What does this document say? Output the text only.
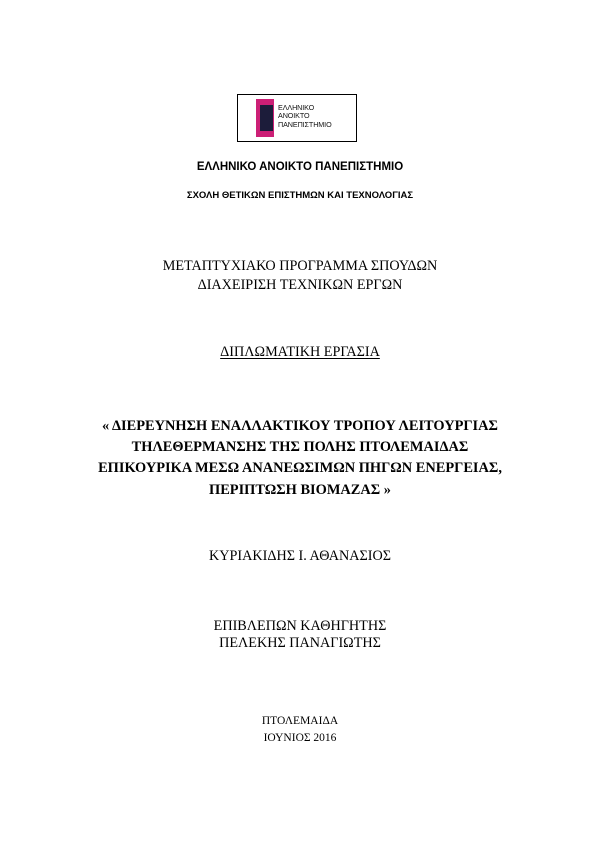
ΕΛΛΗΝΙΚΟ
ΑΝΟΙΚΤΟ
ΠΑΝΕΠΙΣΤΗΜΙΟ
ΕΛΛΗΝΙΚΟ ΑΝΟΙΚΤΟ ΠΑΝΕΠΙΣΤΗΜΙΟ
ΣΧΟΛΗ ΘΕΤΙΚΩΝ ΕΠΙΣΤΗΜΩΝ ΚΑΙ ΤΕΧΝΟΛΟΓΙΑΣ
ΜΕΤΑΠΤΥΧΙΑΚΟ ΠΡΟΓΡΑΜΜΑ ΣΠΟΥΔΩΝ
ΔΙΑΧΕΙΡΙΣΗ ΤΕΧΝΙΚΩΝ ΕΡΓΩΝ
ΔΙΠΛΩΜΑΤΙΚΗ ΕΡΓΑΣΙΑ
« ΔΙΕΡΕΥΝΗΣΗ ΕΝΑΛΛΑΚΤΙΚΟΥ ΤΡΟΠΟΥ ΛΕΙΤΟΥΡΓΙΑΣ
ΤΗΛΕΘΕΡΜΑΝΣΗΣ ΤΗΣ ΠΟΛΗΣ ΠΤΟΛΕΜΑΙΔΑΣ
ΕΠΙΚΟΥΡΙΚΑ ΜΕΣΩ ΑΝΑΝΕΩΣΙΜΩΝ ΠΗΓΩΝ ΕΝΕΡΓΕΙΑΣ,
ΠΕΡΙΠΤΩΣΗ ΒΙΟΜΑΖΑΣ »
ΚΥΡΙΑΚΙΔΗΣ Ι. ΑΘΑΝΑΣΙΟΣ
ΕΠΙΒΛΕΠΩΝ ΚΑΘΗΓΗΤΗΣ
ΠΕΛΕΚΗΣ ΠΑΝΑΓΙΩΤΗΣ
ΠΤΟΛΕΜΑΙΔΑ
ΙΟΥΝΙΟΣ 2016
